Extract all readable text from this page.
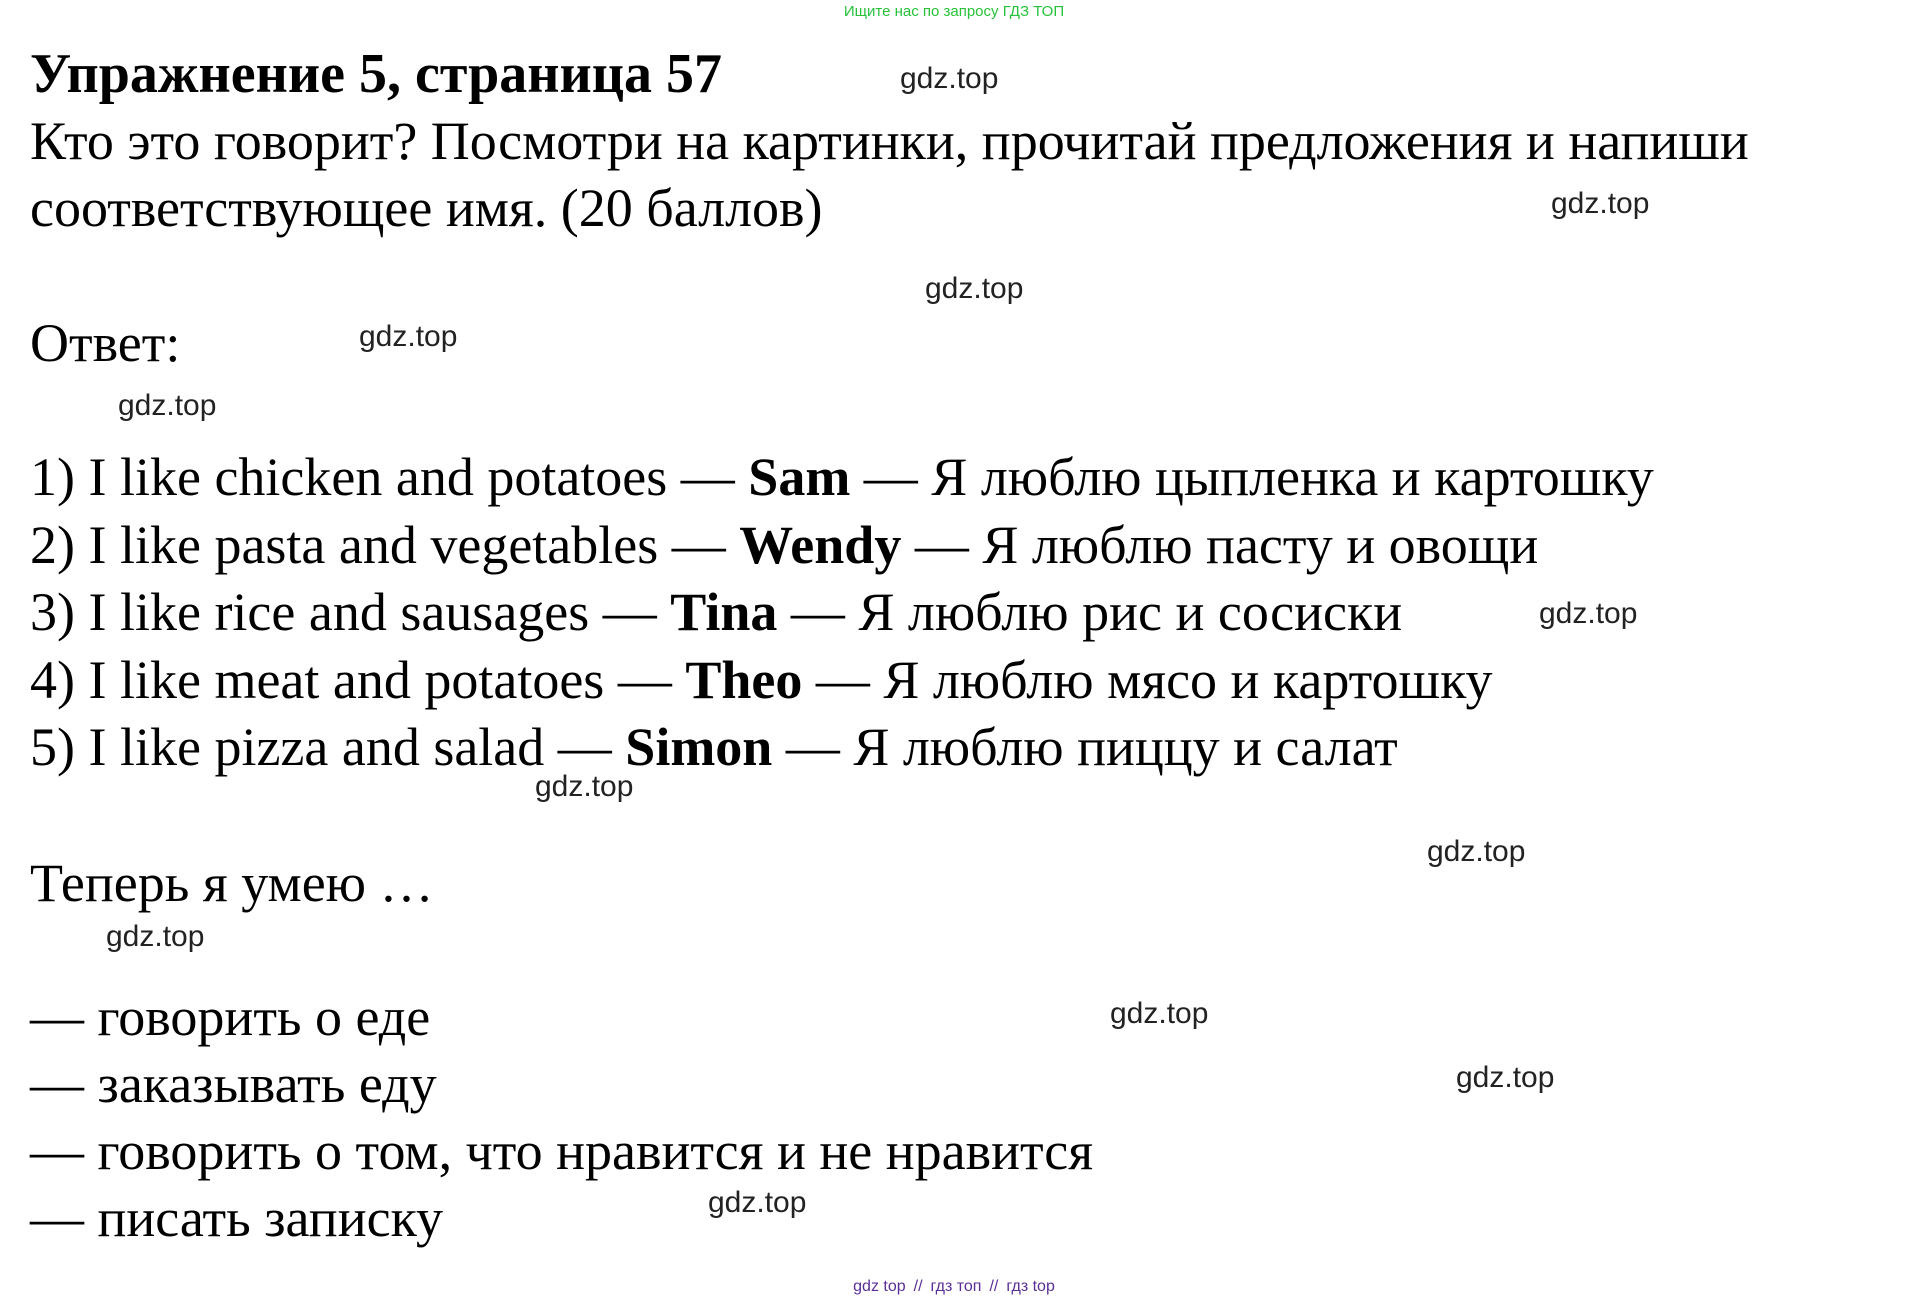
Ищите нас по запросу ГДЗ ТОП
Упражнение 5, страница 57
Кто это говорит? Посмотри на картинки, прочитай предложения и напиши
соответствующее имя. (20 баллов)
Ответ:
1) I like chicken and potatoes — Sam — Я люблю цыпленка и картошку
2) I like pasta and vegetables — Wendy — Я люблю пасту и овощи
3) I like rice and sausages — Tina — Я люблю рис и сосиски
4) I like meat and potatoes — Theo — Я люблю мясо и картошку
5) I like pizza and salad — Simon — Я люблю пиццу и салат
Теперь я умею …
— говорить о еде
— заказывать еду
— говорить о том, что нравится и не нравится
— писать записку
gdz.top
gdz.top
gdz.top
gdz.top
gdz.top
gdz.top
gdz.top
gdz.top
gdz.top
gdz.top
gdz.top
gdz.top
gdz top // гдз топ // гдз top
